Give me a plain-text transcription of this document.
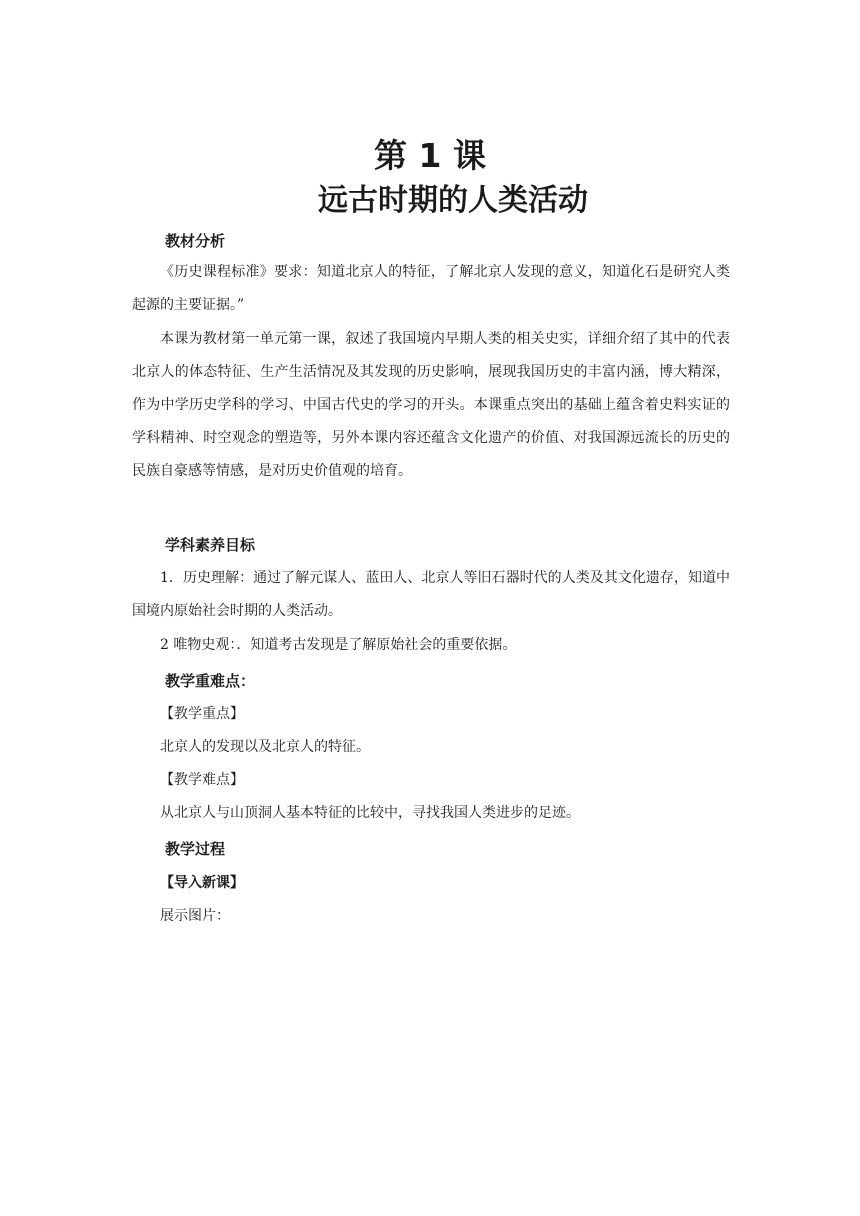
第 1 课
远古时期的人类活动
教材分析
《历史课程标准》要求：知道北京人的特征，了解北京人发现的意义，知道化石是研究人类起源的主要证据。”
本课为教材第一单元第一课，叙述了我国境内早期人类的相关史实，详细介绍了其中的代表北京人的体态特征、生产生活情况及其发现的历史影响，展现我国历史的丰富内涵，博大精深，作为中学历史学科的学习、中国古代史的学习的开头。本课重点突出的基础上蕴含着史料实证的学科精神、时空观念的塑造等，另外本课内容还蕴含文化遗产的价值、对我国源远流长的历史的民族自豪感等情感，是对历史价值观的培育。
学科素养目标
1．历史理解：通过了解元谋人、蓝田人、北京人等旧石器时代的人类及其文化遗存，知道中国境内原始社会时期的人类活动。
2 唯物史观：．知道考古发现是了解原始社会的重要依据。
教学重难点：
【教学重点】
北京人的发现以及北京人的特征。
【教学难点】
从北京人与山顶洞人基本特征的比较中，寻找我国人类进步的足迹。
教学过程
【导入新课】
展示图片：
